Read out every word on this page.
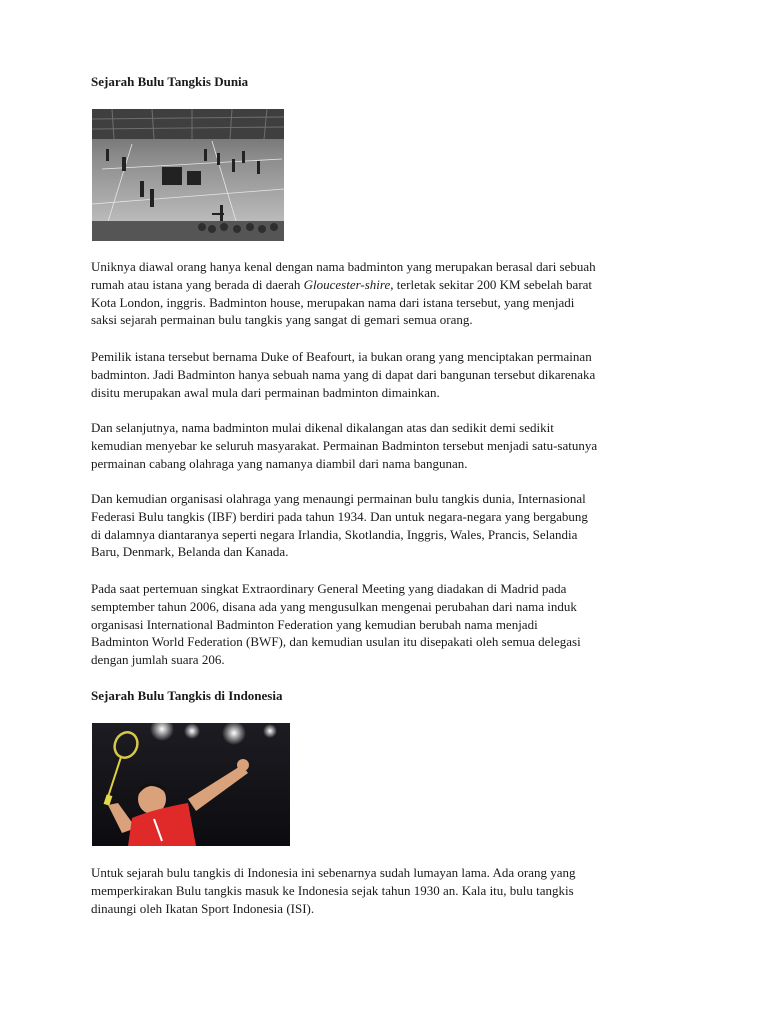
Sejarah Bulu Tangkis Dunia

Uniknya diawal orang hanya kenal dengan nama badminton yang merupakan berasal dari sebuah
rumah atau istana yang berada di daerah Gloucester-shire, terletak sekitar 200 KM sebelah barat
Kota London, inggris. Badminton house, merupakan nama dari istana tersebut, yang menjadi
saksi sejarah permainan bulu tangkis yang sangat di gemari semua orang.

Pemilik istana tersebut bernama Duke of Beafourt, ia bukan orang yang menciptakan permainan
badminton. Jadi Badminton hanya sebuah nama yang di dapat dari bangunan tersebut dikarenaka
disitu merupakan awal mula dari permainan badminton dimainkan.

Dan selanjutnya, nama badminton mulai dikenal dikalangan atas dan sedikit demi sedikit
kemudian menyebar ke seluruh masyarakat. Permainan Badminton tersebut menjadi satu-satunya
permainan cabang olahraga yang namanya diambil dari nama bangunan.

Dan kemudian organisasi olahraga yang menaungi permainan bulu tangkis dunia, Internasional
Federasi Bulu tangkis (IBF) berdiri pada tahun 1934. Dan untuk negara-negara yang bergabung
di dalamnya diantaranya seperti negara Irlandia, Skotlandia, Inggris, Wales, Prancis, Selandia
Baru, Denmark, Belanda dan Kanada.

Pada saat pertemuan singkat Extraordinary General Meeting yang diadakan di Madrid pada
semptember tahun 2006, disana ada yang mengusulkan mengenai perubahan dari nama induk
organisasi International Badminton Federation yang kemudian berubah nama menjadi
Badminton World Federation (BWF), dan kemudian usulan itu disepakati oleh semua delegasi
dengan jumlah suara 206.

Sejarah Bulu Tangkis di Indonesia

Untuk sejarah bulu tangkis di Indonesia ini sebenarnya sudah lumayan lama. Ada orang yang
memperkirakan Bulu tangkis masuk ke Indonesia sejak tahun 1930 an. Kala itu, bulu tangkis
dinaungi oleh Ikatan Sport Indonesia (ISI).
